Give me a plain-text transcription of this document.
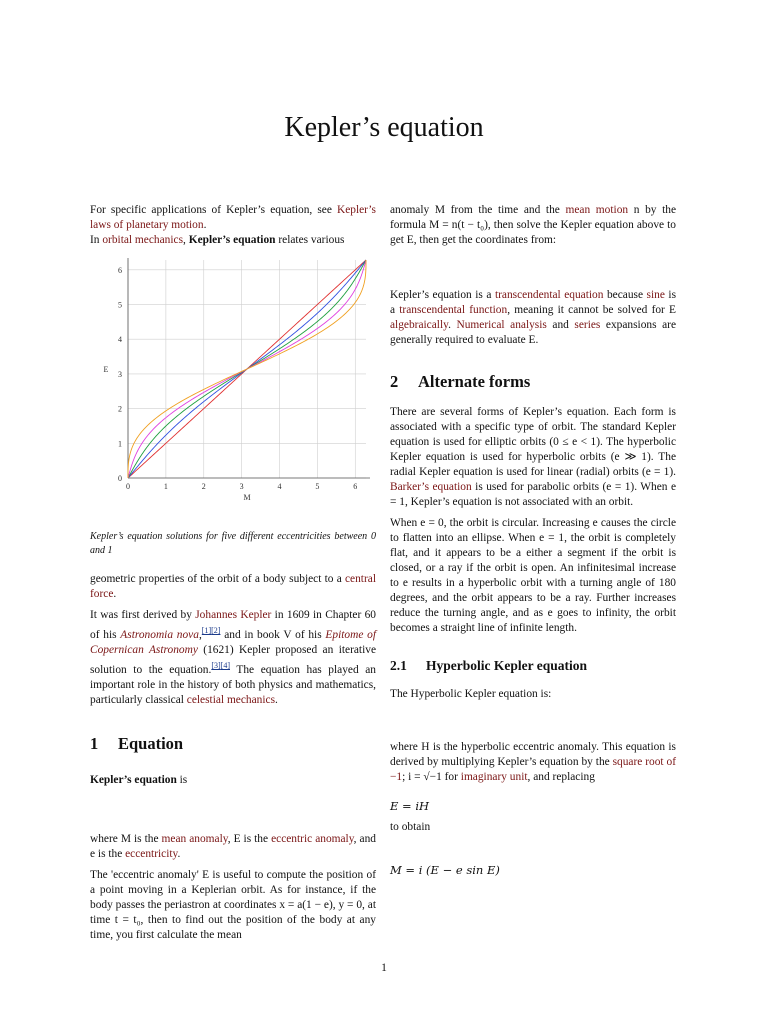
Kepler’s equation

For specific applications of Kepler’s equation, see Kepler’s laws of planetary motion.

In orbital mechanics, Kepler’s equation relates various

0	1	2	3	4	5	6
0
1
2
3
4
5
6
M
E

Kepler’s equation solutions for five different eccentricities between 0 and 1

geometric properties of the orbit of a body subject to a central force.

It was first derived by Johannes Kepler in 1609 in Chapter 60 of his Astronomia nova,[1][2] and in book V of his Epitome of Copernican Astronomy (1621) Kepler proposed an iterative solution to the equation.[3][4] The equation has played an important role in the history of both physics and mathematics, particularly classical celestial mechanics.

1 Equation

Kepler’s equation is

where M is the mean anomaly, E is the eccentric anomaly, and e is the eccentricity.

The 'eccentric anomaly' E is useful to compute the position of a point moving in a Keplerian orbit. As for instance, if the body passes the periastron at coordinates x = a(1 − e), y = 0, at time t = t₀, then to find out the position of the body at any time, you first calculate the mean

anomaly M from the time and the mean motion n by the formula M = n(t − t₀), then solve the Kepler equation above to get E, then get the coordinates from:

Kepler’s equation is a transcendental equation because sine is a transcendental function, meaning it cannot be solved for E algebraically. Numerical analysis and series expansions are generally required to evaluate E.

2 Alternate forms

There are several forms of Kepler’s equation. Each form is associated with a specific type of orbit. The standard Kepler equation is used for elliptic orbits (0 ≤ e < 1). The hyperbolic Kepler equation is used for hyperbolic orbits (e ≫ 1). The radial Kepler equation is used for linear (radial) orbits (e = 1). Barker’s equation is used for parabolic orbits (e = 1). When e = 1, Kepler’s equation is not associated with an orbit.

When e = 0, the orbit is circular. Increasing e causes the circle to flatten into an ellipse. When e = 1, the orbit is completely flat, and it appears to be a either a segment if the orbit is closed, or a ray if the orbit is open. An infinitesimal increase to e results in a hyperbolic orbit with a turning angle of 180 degrees, and the orbit appears to be a ray. Further increases reduce the turning angle, and as e goes to infinity, the orbit becomes a straight line of infinite length.

2.1 Hyperbolic Kepler equation

The Hyperbolic Kepler equation is:

where H is the hyperbolic eccentric anomaly. This equation is derived by multiplying Kepler’s equation by the square root of −1; i = √−1 for imaginary unit, and replacing

E = iH

to obtain

M = i (E − e sin E)

1
